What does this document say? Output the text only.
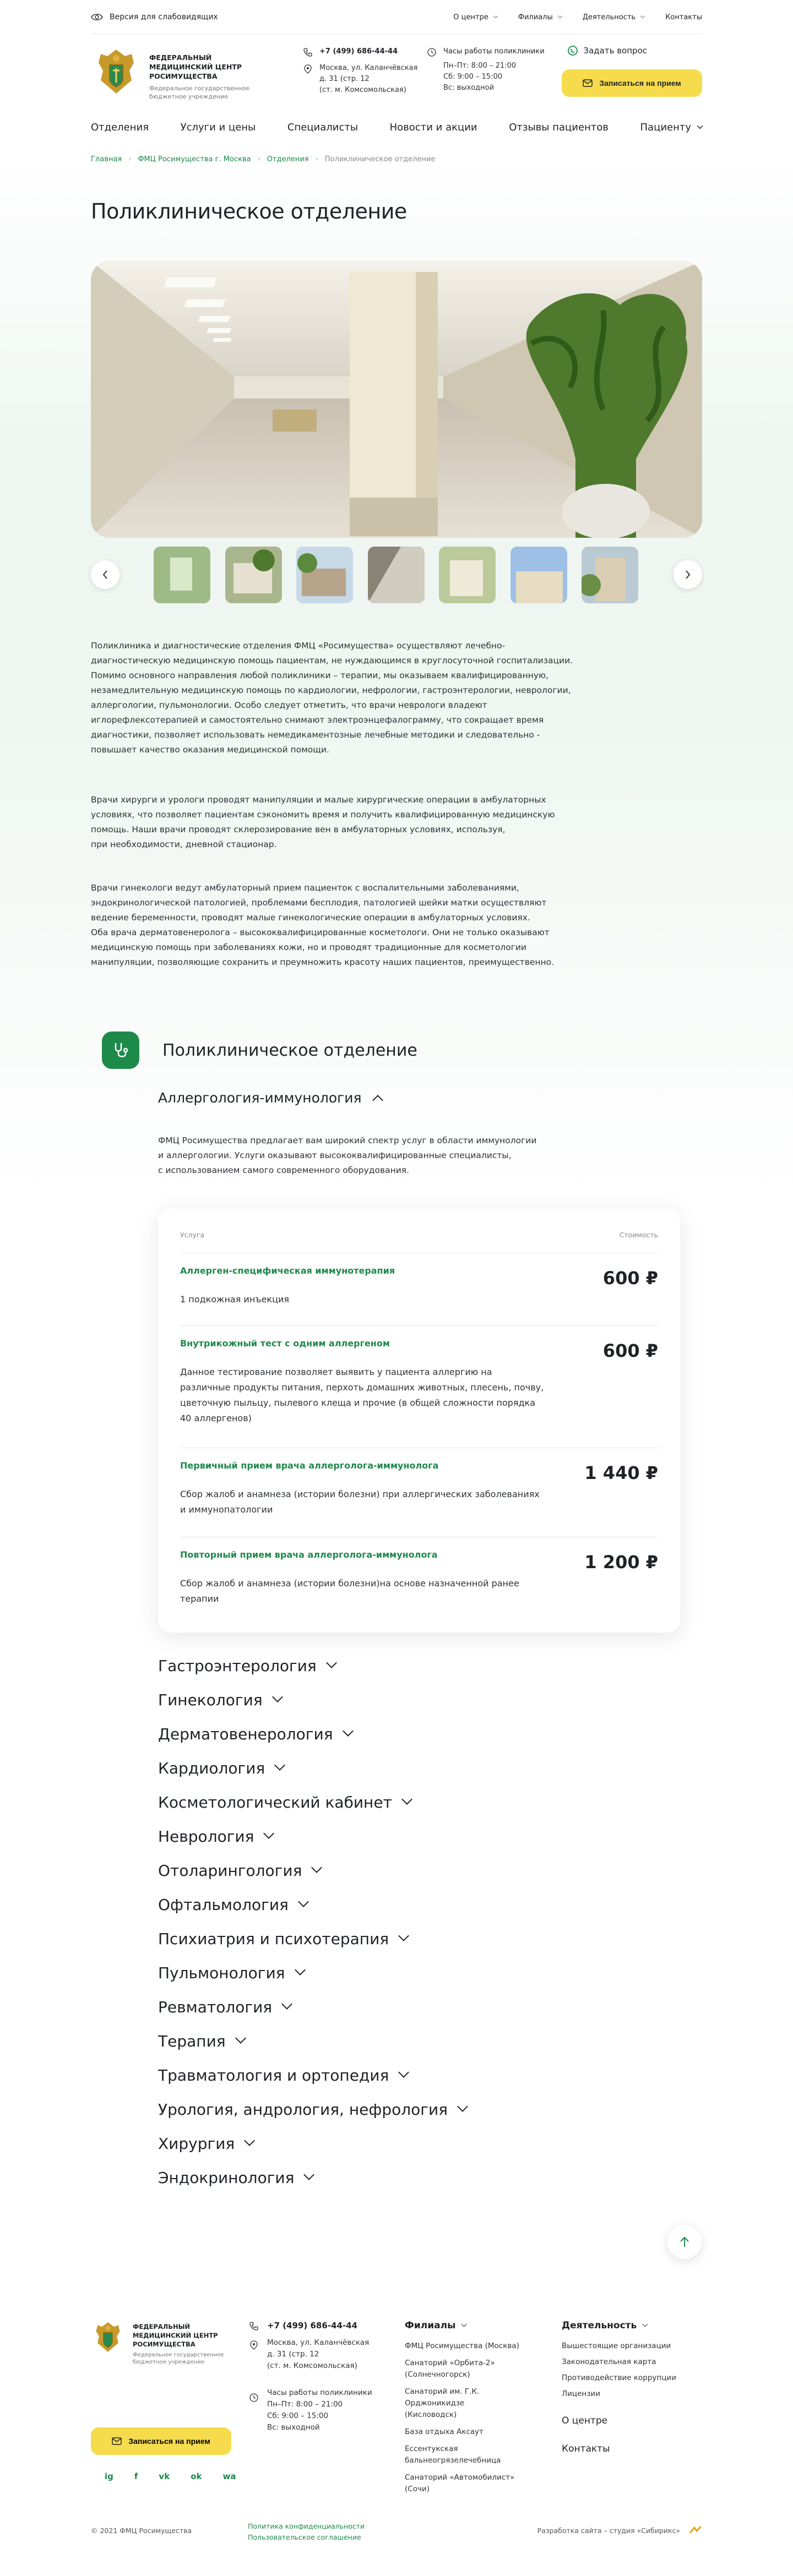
Версия для слабовидящих	О центре	Филиалы	Деятельность	Контакты
ФЕДЕРАЛЬНЫЙ МЕДИЦИНСКИЙ ЦЕНТР РОСИМУЩЕСТВА
Федеральное государственное бюджетное учреждение
+7 (499) 686-44-44
Москва, ул. Каланчёвская
д. 31 (стр. 12
(ст. м. Комсомольская)
Часы работы поликлиники
Пн–Пт: 8:00 – 21:00
Сб: 9:00 – 15:00
Вс: выходной
Задать вопрос
Записаться на прием
Отделения	Услуги и цены	Специалисты	Новости и акции	Отзывы пациентов	Пациенту
Главная › ФМЦ Росимущества г. Москва › Отделения › Поликлиническое отделение
Поликлиническое отделение
Поликлиника и диагностические отделения ФМЦ «Росимущества» осуществляют лечебно-
диагностическую медицинскую помощь пациентам, не нуждающимся в круглосуточной госпитализации.
Помимо основного направления любой поликлиники – терапии, мы оказываем квалифицированную,
незамедлительную медицинскую помощь по кардиологии, нефрологии, гастроэнтерологии, неврологии,
аллергологии, пульмонологии. Особо следует отметить, что врачи неврологи владеют
иглорефлексотерапией и самостоятельно снимают электроэнцефалограмму, что сокращает время
диагностики, позволяет использовать немедикаментозные лечебные методики и следовательно -
повышает качество оказания медицинской помощи.
Врачи хирурги и урологи проводят манипуляции и малые хирургические операции в амбулаторных
условиях, что позволяет пациентам сэкономить время и получить квалифицированную медицинскую
помощь. Наши врачи проводят склерозирование вен в амбулаторных условиях, используя,
при необходимости, дневной стационар.
Врачи гинекологи ведут амбулаторный прием пациенток с воспалительными заболеваниями,
эндокринологической патологией, проблемами бесплодия, патологией шейки матки осуществляют
ведение беременности, проводят малые гинекологические операции в амбулаторных условиях.
Оба врача дерматовенеролога – высококвалифицированные косметологи. Они не только оказывают
медицинскую помощь при заболеваниях кожи, но и проводят традиционные для косметологии
манипуляции, позволяющие сохранить и преумножить красоту наших пациентов, преимущественно.
Поликлиническое отделение
Аллергология-иммунология
ФМЦ Росимущества предлагает вам широкий спектр услуг в области иммунологии
и аллергологии. Услуги оказывают высококвалифицированные специалисты,
с использованием самого современного оборудования.
Услуга	Стоимость
Аллерген-специфическая иммунотерапия	600 ₽
1 подкожная инъекция
Внутрикожный тест с одним аллергеном	600 ₽
Данное тестирование позволяет выявить у пациента аллергию на
различные продукты питания, перхоть домашних животных, плесень, почву,
цветочную пыльцу, пылевого клеща и прочие (в общей сложности порядка
40 аллергенов)
Первичный прием врача аллерголога-иммунолога	1 440 ₽
Сбор жалоб и анамнеза (истории болезни) при аллергических заболеваниях
и иммунопатологии
Повторный прием врача аллерголога-иммунолога	1 200 ₽
Сбор жалоб и анамнеза (истории болезни)на основе назначенной ранее
терапии
Гастроэнтерология
Гинекология
Дерматовенерология
Кардиология
Косметологический кабинет
Неврология
Отоларингология
Офтальмология
Психиатрия и психотерапия
Пульмонология
Ревматология
Терапия
Травматология и ортопедия
Урология, андрология, нефрология
Хирургия
Эндокринология
ФЕДЕРАЛЬНЫЙ МЕДИЦИНСКИЙ ЦЕНТР РОСИМУЩЕСТВА
Федеральное государственное бюджетное учреждение
+7 (499) 686-44-44
Москва, ул. Каланчёвская
д. 31 (стр. 12
(ст. м. Комсомольская)
Часы работы поликлиники
Пн–Пт: 8:00 – 21:00
Сб: 9:00 – 15:00
Вс: выходной
Филиалы
ФМЦ Росимущества (Москва)
Санаторий «Орбита-2»
(Солнечногорск)
Санаторий им. Г.К. Орджоникидзе
(Кисловодск)
База отдыха Аксаут
Ессентукская
бальнеогрязелечебница
Санаторий «Автомобилист»
(Сочи)
Деятельность
Вышестоящие организации
Законодательная карта
Противодействие коррупции
Лицензии
О центре
Контакты
Записаться на прием
ig	f	vk	ok	wa
© 2021 ФМЦ Росимущества
Политика конфиденциальности
Пользовательское соглашение
Разработка сайта – студия «Сибирикс»
